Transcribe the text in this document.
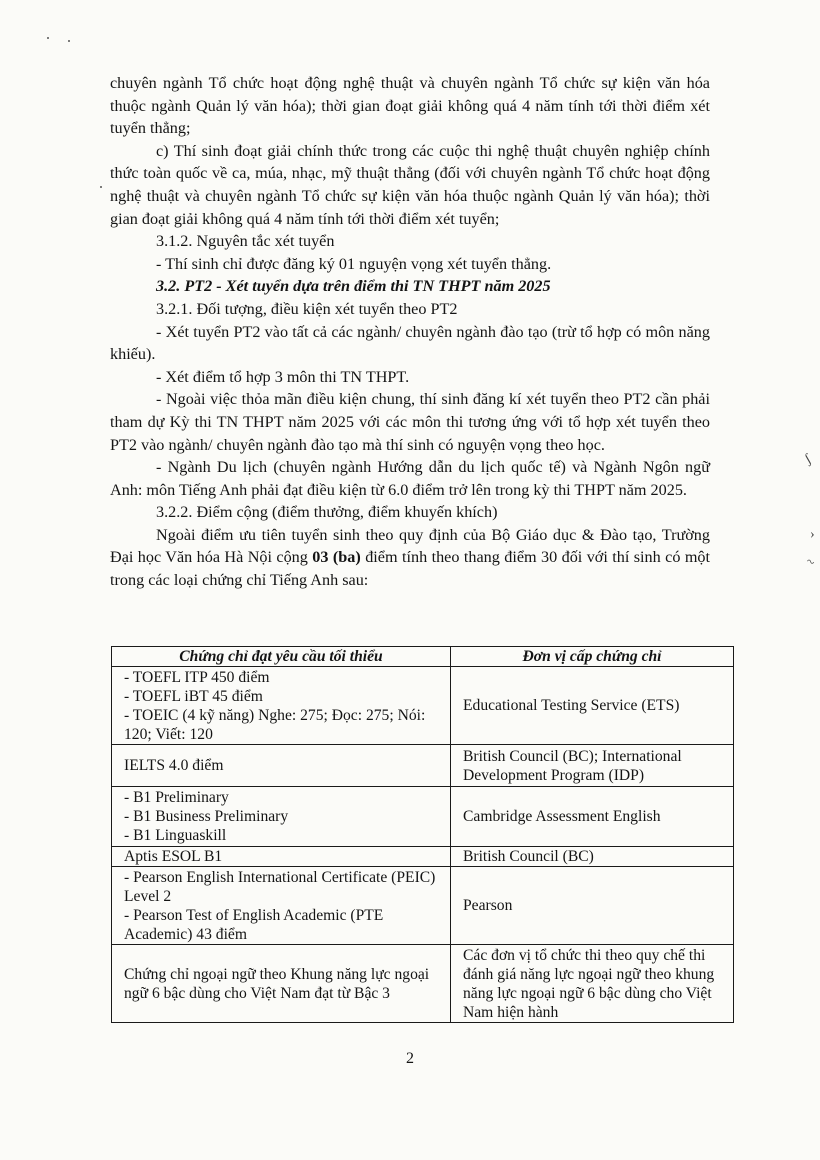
ʃ
›
~

chuyên ngành Tổ chức hoạt động nghệ thuật và chuyên ngành Tổ chức sự kiện văn hóa thuộc ngành Quản lý văn hóa); thời gian đoạt giải không quá 4 năm tính tới thời điểm xét tuyển thẳng;

c) Thí sinh đoạt giải chính thức trong các cuộc thi nghệ thuật chuyên nghiệp chính thức toàn quốc về ca, múa, nhạc, mỹ thuật thẳng (đối với chuyên ngành Tổ chức hoạt động nghệ thuật và chuyên ngành Tổ chức sự kiện văn hóa thuộc ngành Quản lý văn hóa); thời gian đoạt giải không quá 4 năm tính tới thời điểm xét tuyển;

3.1.2. Nguyên tắc xét tuyển

- Thí sinh chỉ được đăng ký 01 nguyện vọng xét tuyển thẳng.

3.2. PT2 - Xét tuyển dựa trên điểm thi TN THPT năm 2025

3.2.1. Đối tượng, điều kiện xét tuyển theo PT2

- Xét tuyển PT2 vào tất cả các ngành/ chuyên ngành đào tạo (trừ tổ hợp có môn năng khiếu).

- Xét điểm tổ hợp 3 môn thi TN THPT.

- Ngoài việc thỏa mãn điều kiện chung, thí sinh đăng kí xét tuyển theo PT2 cần phải tham dự Kỳ thi TN THPT năm 2025 với các môn thi tương ứng với tổ hợp xét tuyển theo PT2 vào ngành/ chuyên ngành đào tạo mà thí sinh có nguyện vọng theo học.

- Ngành Du lịch (chuyên ngành Hướng dẫn du lịch quốc tế) và Ngành Ngôn ngữ Anh: môn Tiếng Anh phải đạt điều kiện từ 6.0 điểm trở lên trong kỳ thi THPT năm 2025.

3.2.2. Điểm cộng (điểm thưởng, điểm khuyến khích)

Ngoài điểm ưu tiên tuyển sinh theo quy định của Bộ Giáo dục & Đào tạo, Trường Đại học Văn hóa Hà Nội cộng 03 (ba) điểm tính theo thang điểm 30 đối với thí sinh có một trong các loại chứng chỉ Tiếng Anh sau:

Chứng chỉ đạt yêu cầu tối thiểu	Đơn vị cấp chứng chỉ

- TOEFL ITP 450 điểm
- TOEFL iBT 45 điểm
- TOEIC (4 kỹ năng) Nghe: 275; Đọc: 275; Nói: 120; Viết: 120	Educational Testing Service (ETS)

IELTS 4.0 điểm	British Council (BC); International Development Program (IDP)

- B1 Preliminary
- B1 Business Preliminary
- B1 Linguaskill	Cambridge Assessment English

Aptis ESOL B1	British Council (BC)

- Pearson English International Certificate (PEIC) Level 2
- Pearson Test of English Academic (PTE Academic) 43 điểm	Pearson

Chứng chỉ ngoại ngữ theo Khung năng lực ngoại ngữ 6 bậc dùng cho Việt Nam đạt từ Bậc 3	Các đơn vị tổ chức thi theo quy chế thi đánh giá năng lực ngoại ngữ theo khung năng lực ngoại ngữ 6 bậc dùng cho Việt Nam hiện hành
2
